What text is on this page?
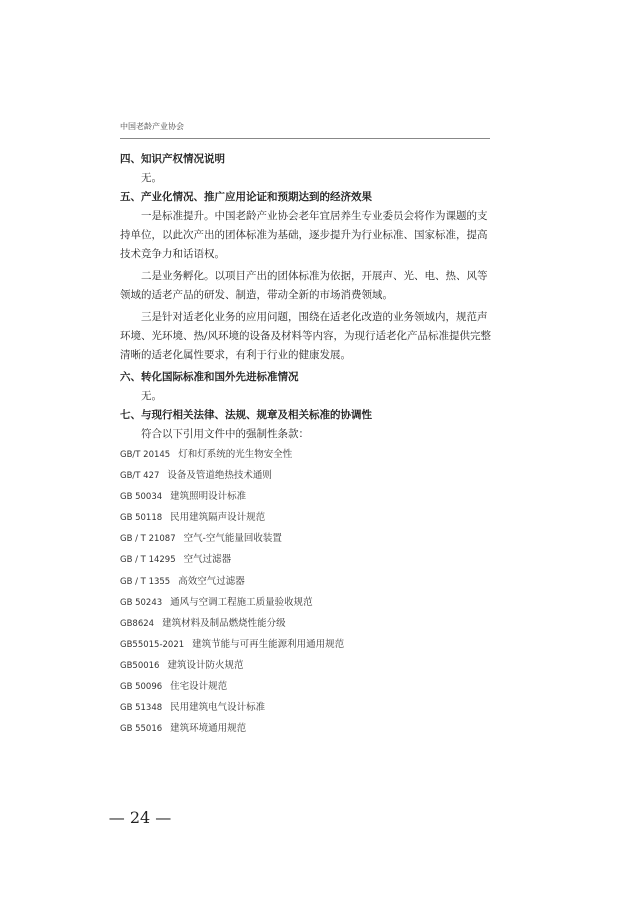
中国老龄产业协会

四、知识产权情况说明

无。

五、产业化情况、推广应用论证和预期达到的经济效果

一是标准提升。中国老龄产业协会老年宜居养生专业委员会将作为课题的支持单位，以此次产出的团体标准为基础，逐步提升为行业标准、国家标准，提高技术竞争力和话语权。

二是业务孵化。以项目产出的团体标准为依据，开展声、光、电、热、风等领域的适老产品的研发、制造，带动全新的市场消费领域。

三是针对适老化业务的应用问题，围绕在适老化改造的业务领域内，规范声环境、光环境、热/风环境的设备及材料等内容，为现行适老化产品标准提供完整清晰的适老化属性要求，有利于行业的健康发展。

六、转化国际标准和国外先进标准情况

无。

七、与现行相关法律、法规、规章及相关标准的协调性

符合以下引用文件中的强制性条款：

GB/T 20145 灯和灯系统的光生物安全性
GB/T 427 设备及管道绝热技术通则
GB 50034 建筑照明设计标准
GB 50118 民用建筑隔声设计规范
GB / T 21087 空气-空气能量回收装置
GB / T 14295 空气过滤器
GB / T 1355 高效空气过滤器
GB 50243 通风与空调工程施工质量验收规范
GB8624 建筑材料及制品燃烧性能分级
GB55015-2021 建筑节能与可再生能源利用通用规范
GB50016 建筑设计防火规范
GB 50096 住宅设计规范
GB 51348 民用建筑电气设计标准
GB 55016 建筑环境通用规范
— 24 —
